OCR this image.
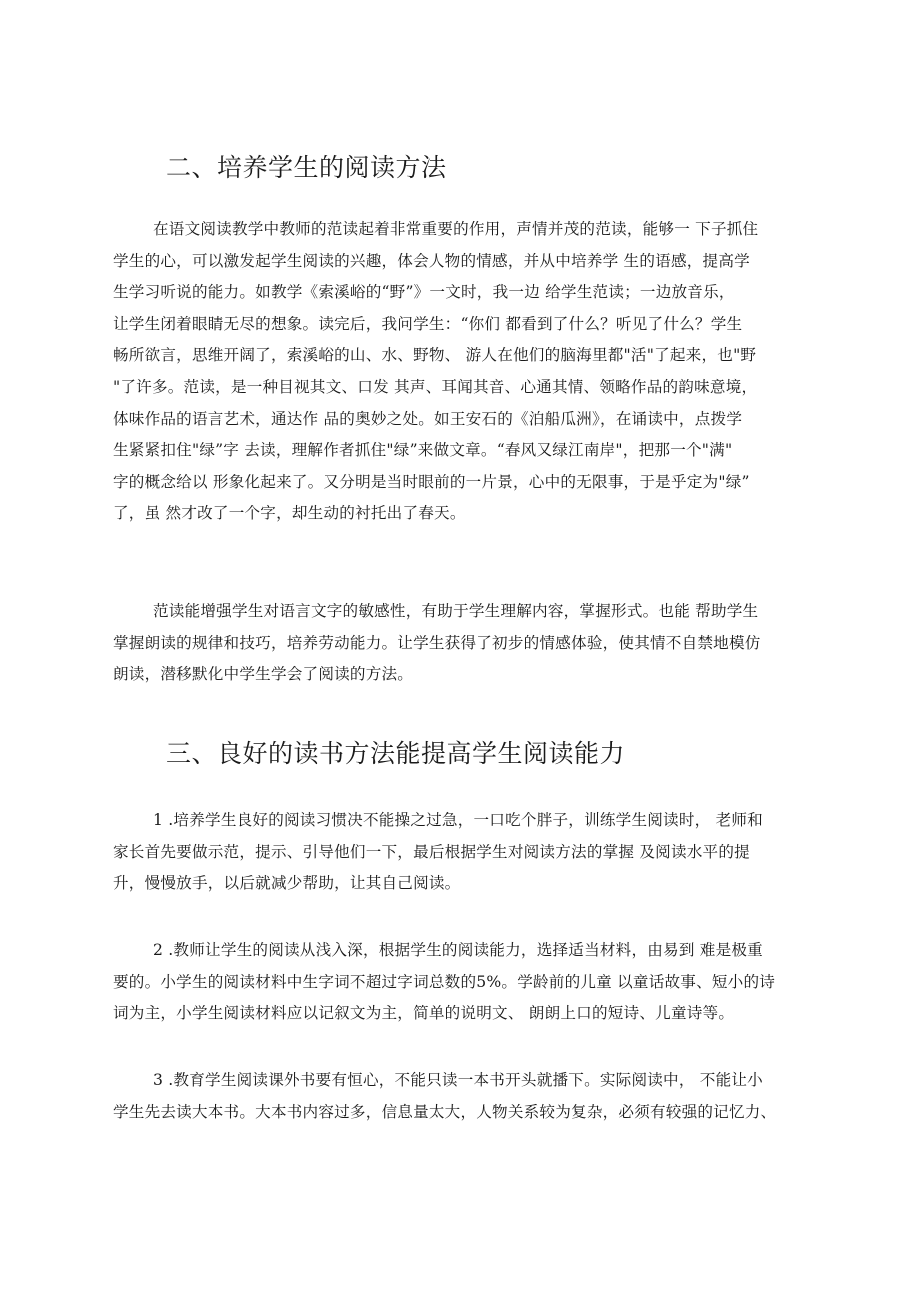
二、培养学生的阅读方法
在语文阅读教学中教师的范读起着非常重要的作用，声情并茂的范读，能够一 下子抓住
学生的心，可以激发起学生阅读的兴趣，体会人物的情感，并从中培养学 生的语感，提高学
生学习听说的能力。如教学《索溪峪的“野”》一文时，我一边 给学生范读；一边放音乐，
让学生闭着眼睛无尽的想象。读完后，我问学生：“你们 都看到了什么？听见了什么？学生
畅所欲言，思维开阔了，索溪峪的山、水、野物、 游人在他们的脑海里都"活"了起来，也"野
"了许多。范读，是一种目视其文、口发 其声、耳闻其音、心通其情、领略作品的韵味意境，
体味作品的语言艺术，通达作 品的奥妙之处。如王安石的《泊船瓜洲》，在诵读中，点拨学
生紧紧扣住"绿”字 去读，理解作者抓住"绿”来做文章。“春风又绿江南岸"，把那一个"满"
字的概念给以 形象化起来了。又分明是当时眼前的一片景，心中的无限事，于是乎定为"绿”
了，虽 然才改了一个字，却生动的衬托出了春天。
范读能增强学生对语言文字的敏感性，有助于学生理解内容，掌握形式。也能 帮助学生
掌握朗读的规律和技巧，培养劳动能力。让学生获得了初步的情感体验，使其情不自禁地模仿
朗读，潜移默化中学生学会了阅读的方法。
三、良好的读书方法能提高学生阅读能力
1 .培养学生良好的阅读习惯决不能操之过急，一口吃个胖子，训练学生阅读时， 老师和
家长首先要做示范，提示、引导他们一下，最后根据学生对阅读方法的掌握 及阅读水平的提
升，慢慢放手，以后就减少帮助，让其自己阅读。
2 .教师让学生的阅读从浅入深，根据学生的阅读能力，选择适当材料，由易到 难是极重
要的。小学生的阅读材料中生字词不超过字词总数的5%。学龄前的儿童 以童话故事、短小的诗
词为主，小学生阅读材料应以记叙文为主，简单的说明文、 朗朗上口的短诗、儿童诗等。
3 .教育学生阅读课外书要有恒心，不能只读一本书开头就播下。实际阅读中， 不能让小
学生先去读大本书。大本书内容过多，信息量太大，人物关系较为复杂，必须有较强的记忆力、
